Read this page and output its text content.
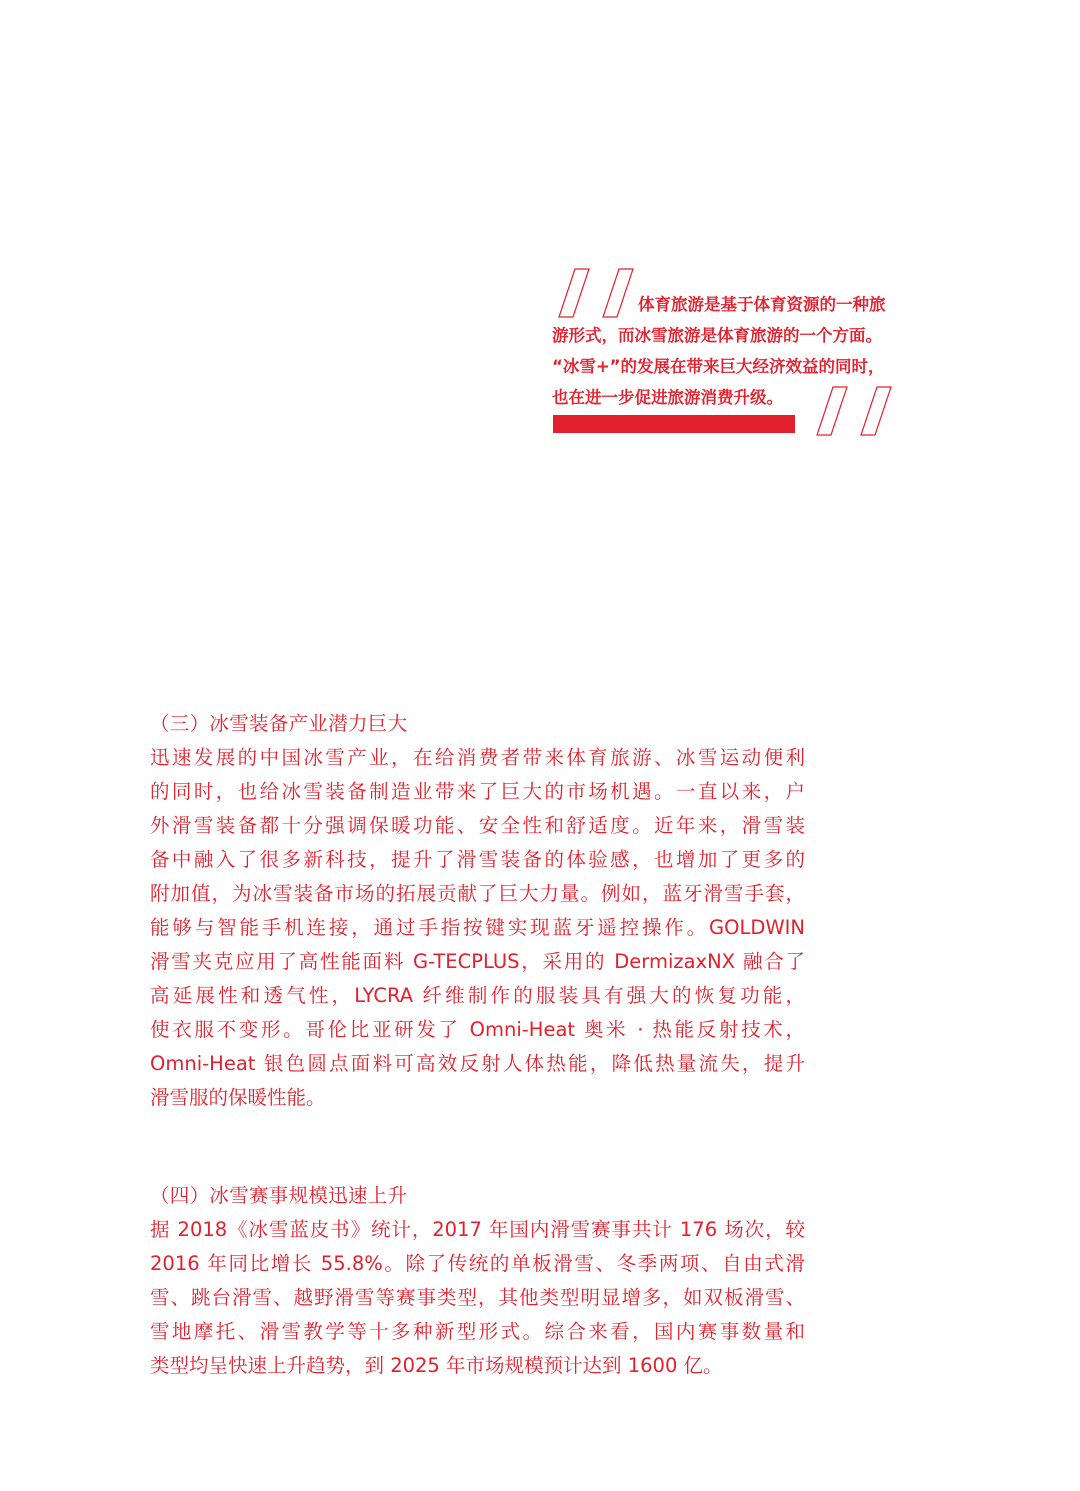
体育旅游是基于体育资源的一种旅
游形式，而冰雪旅游是体育旅游的一个方面。
“冰雪+”的发展在带来巨大经济效益的同时，
也在进一步促进旅游消费升级。
（三）冰雪装备产业潜力巨大

迅速发展的中国冰雪产业，在给消费者带来体育旅游、冰雪运动便利
的同时，也给冰雪装备制造业带来了巨大的市场机遇。一直以来，户
外滑雪装备都十分强调保暖功能、安全性和舒适度。近年来，滑雪装
备中融入了很多新科技，提升了滑雪装备的体验感，也增加了更多的
附加值，为冰雪装备市场的拓展贡献了巨大力量。例如，蓝牙滑雪手套，
能够与智能手机连接，通过手指按键实现蓝牙遥控操作。GOLDWIN
滑雪夹克应用了高性能面料 G-TECPLUS，采用的 DermizaxNX 融合了
高延展性和透气性，LYCRA 纤维制作的服装具有强大的恢复功能，
使衣服不变形。哥伦比亚研发了 Omni-Heat 奥米 · 热能反射技术，
Omni-Heat 银色圆点面料可高效反射人体热能，降低热量流失，提升
滑雪服的保暖性能。

（四）冰雪赛事规模迅速上升

据 2018《冰雪蓝皮书》统计，2017 年国内滑雪赛事共计 176 场次，较
2016 年同比增长 55.8%。除了传统的单板滑雪、冬季两项、自由式滑
雪、跳台滑雪、越野滑雪等赛事类型，其他类型明显增多，如双板滑雪、
雪地摩托、滑雪教学等十多种新型形式。综合来看，国内赛事数量和
类型均呈快速上升趋势，到 2025 年市场规模预计达到 1600 亿。
